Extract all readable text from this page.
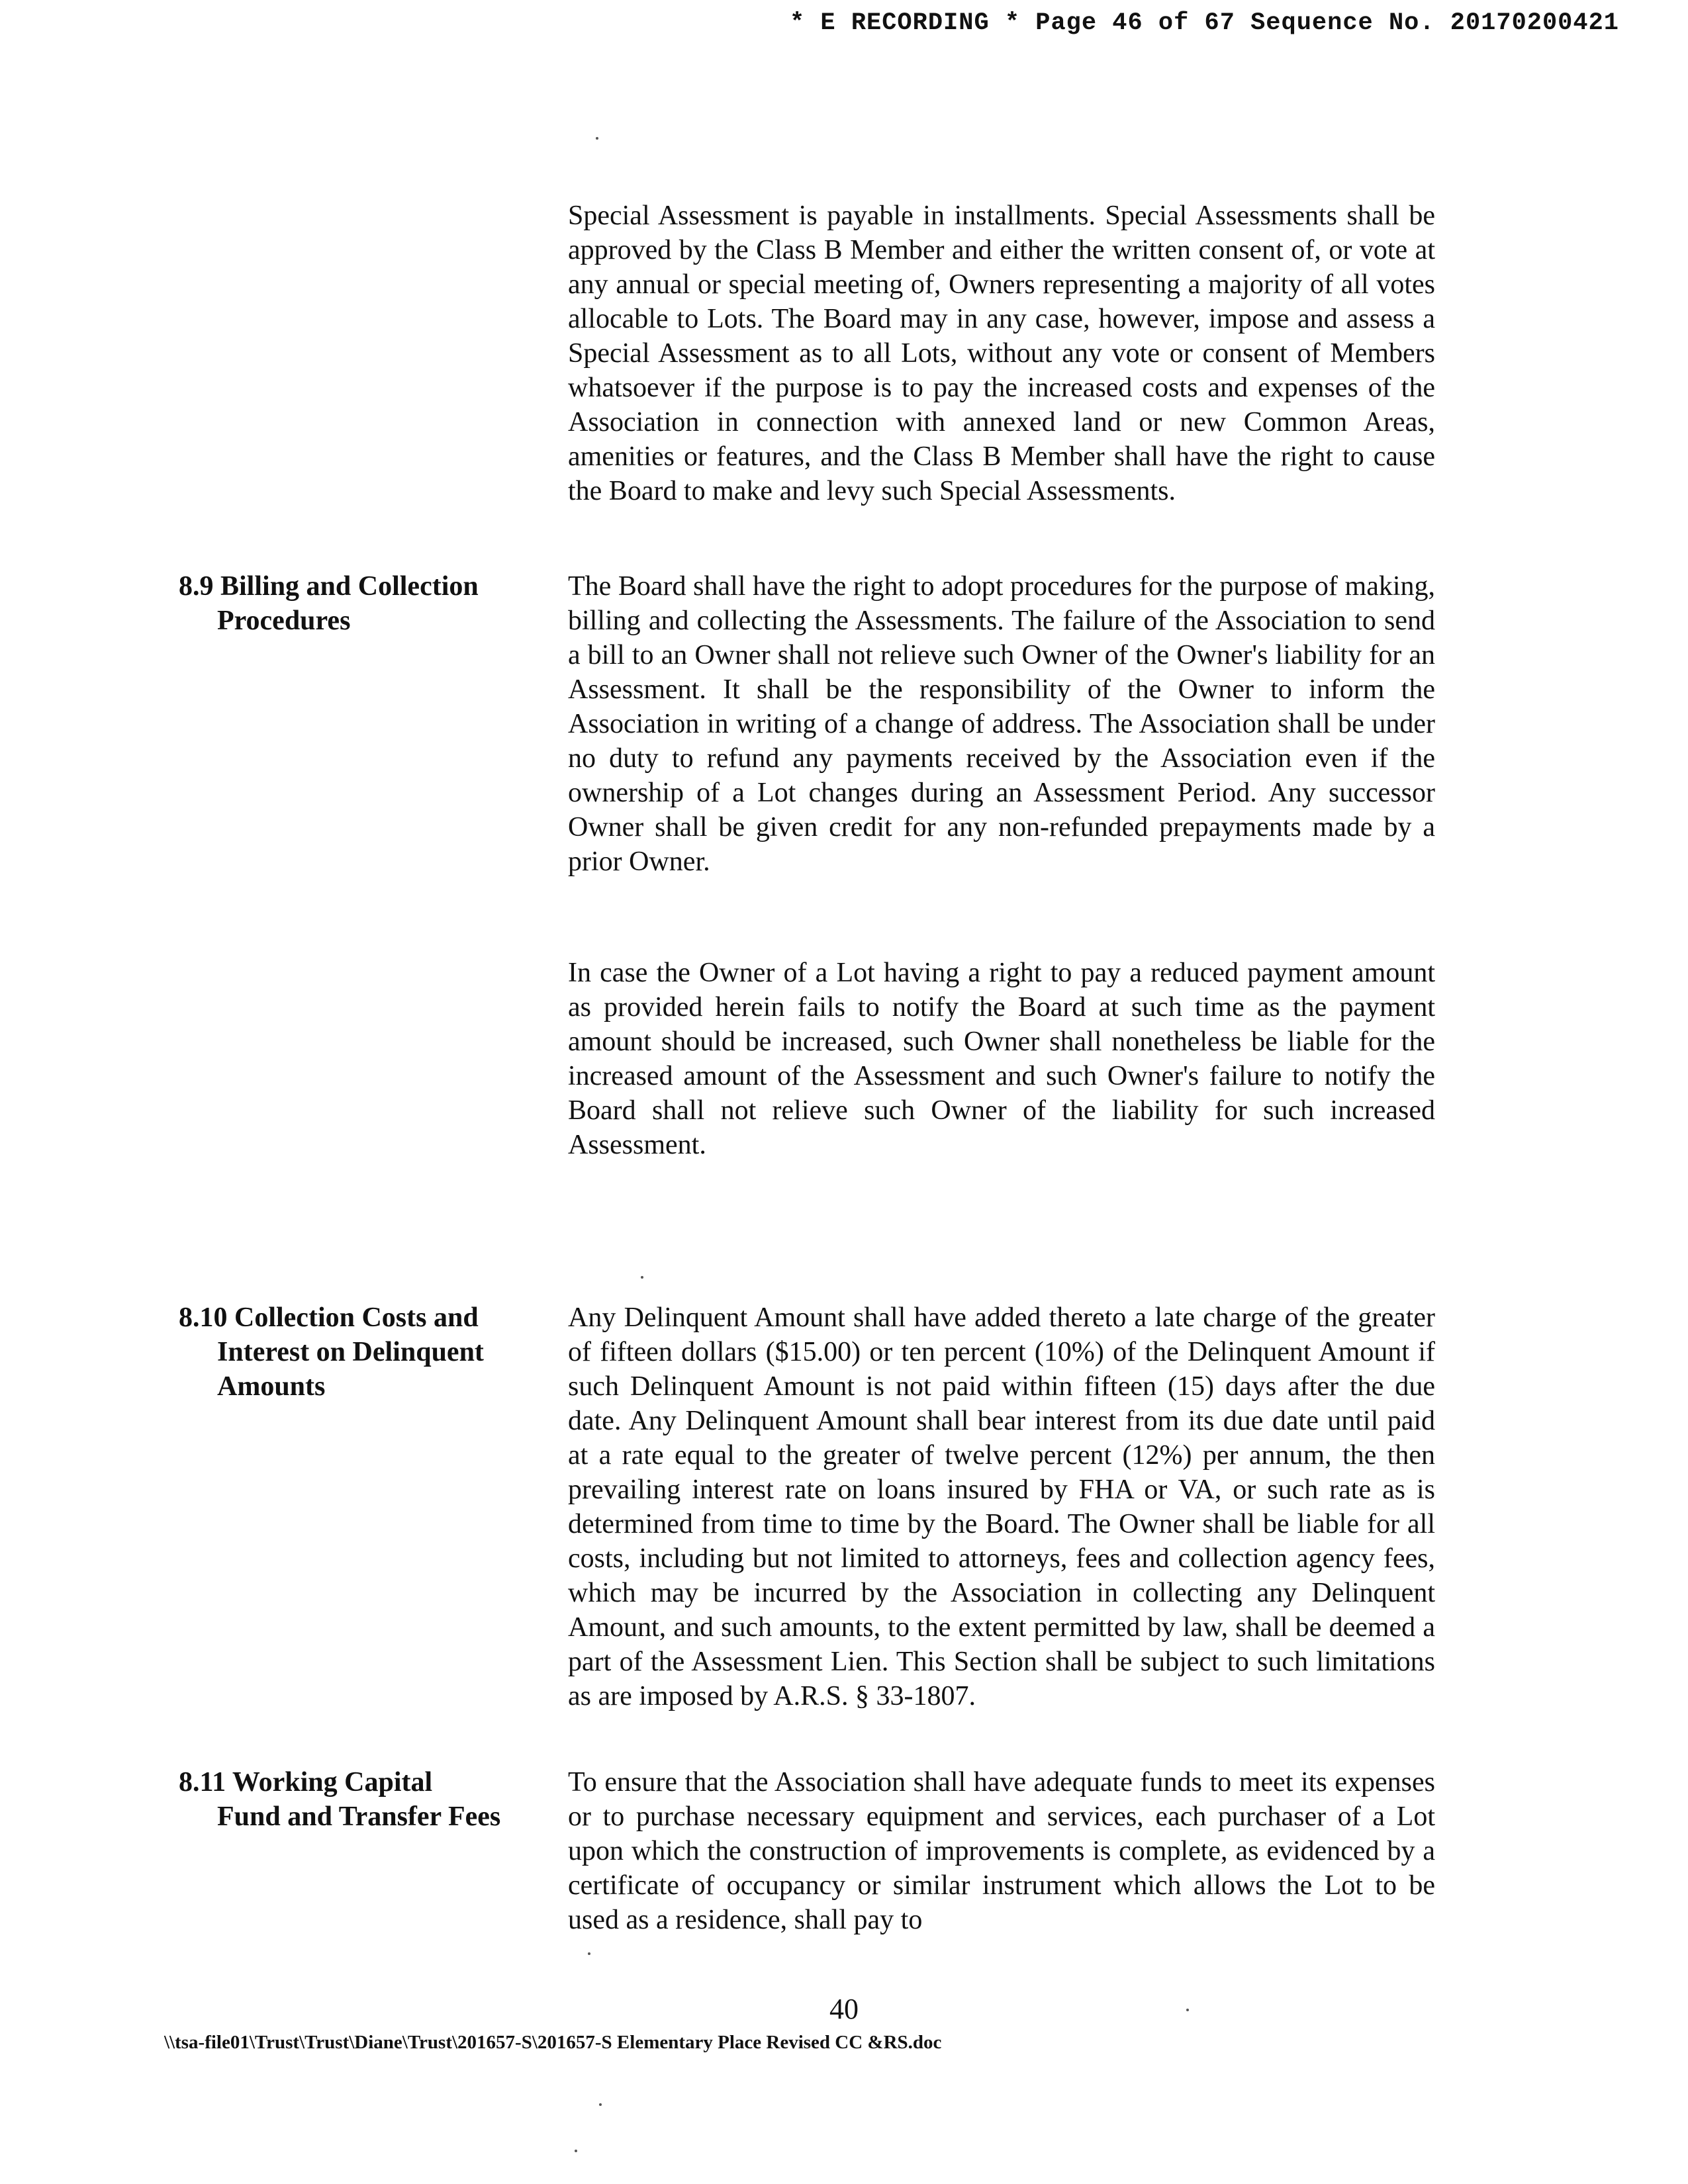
* E RECORDING * Page 46 of 67 Sequence No. 20170200421

Special Assessment is payable in installments. Special Assessments shall be approved by the Class B Member and either the written consent of, or vote at any annual or special meeting of, Owners representing a majority of all votes allocable to Lots. The Board may in any case, however, impose and assess a Special Assessment as to all Lots, without any vote or consent of Members whatsoever if the purpose is to pay the increased costs and expenses of the Association in connection with annexed land or new Common Areas, amenities or features, and the Class B Member shall have the right to cause the Board to make and levy such Special Assessments.

8.9 Billing and Collection
Procedures

The Board shall have the right to adopt procedures for the purpose of making, billing and collecting the Assessments. The failure of the Association to send a bill to an Owner shall not relieve such Owner of the Owner's liability for an Assessment. It shall be the responsibility of the Owner to inform the Association in writing of a change of address. The Association shall be under no duty to refund any payments received by the Association even if the ownership of a Lot changes during an Assessment Period. Any successor Owner shall be given credit for any non-refunded prepayments made by a prior Owner.

In case the Owner of a Lot having a right to pay a reduced payment amount as provided herein fails to notify the Board at such time as the payment amount should be increased, such Owner shall nonetheless be liable for the increased amount of the Assessment and such Owner's failure to notify the Board shall not relieve such Owner of the liability for such increased Assessment.

8.10 Collection Costs and
Interest on Delinquent
Amounts

Any Delinquent Amount shall have added thereto a late charge of the greater of fifteen dollars ($15.00) or ten percent (10%) of the Delinquent Amount if such Delinquent Amount is not paid within fifteen (15) days after the due date. Any Delinquent Amount shall bear interest from its due date until paid at a rate equal to the greater of twelve percent (12%) per annum, the then prevailing interest rate on loans insured by FHA or VA, or such rate as is determined from time to time by the Board. The Owner shall be liable for all costs, including but not limited to attorneys, fees and collection agency fees, which may be incurred by the Association in collecting any Delinquent Amount, and such amounts, to the extent permitted by law, shall be deemed a part of the Assessment Lien. This Section shall be subject to such limitations as are imposed by A.R.S. § 33-1807.

8.11 Working Capital
Fund and Transfer Fees

To ensure that the Association shall have adequate funds to meet its expenses or to purchase necessary equipment and services, each purchaser of a Lot upon which the construction of improvements is complete, as evidenced by a certificate of occupancy or similar instrument which allows the Lot to be used as a residence, shall pay to

40
\\tsa-file01\Trust\Trust\Diane\Trust\201657-S\201657-S Elementary Place Revised CC &RS.doc
